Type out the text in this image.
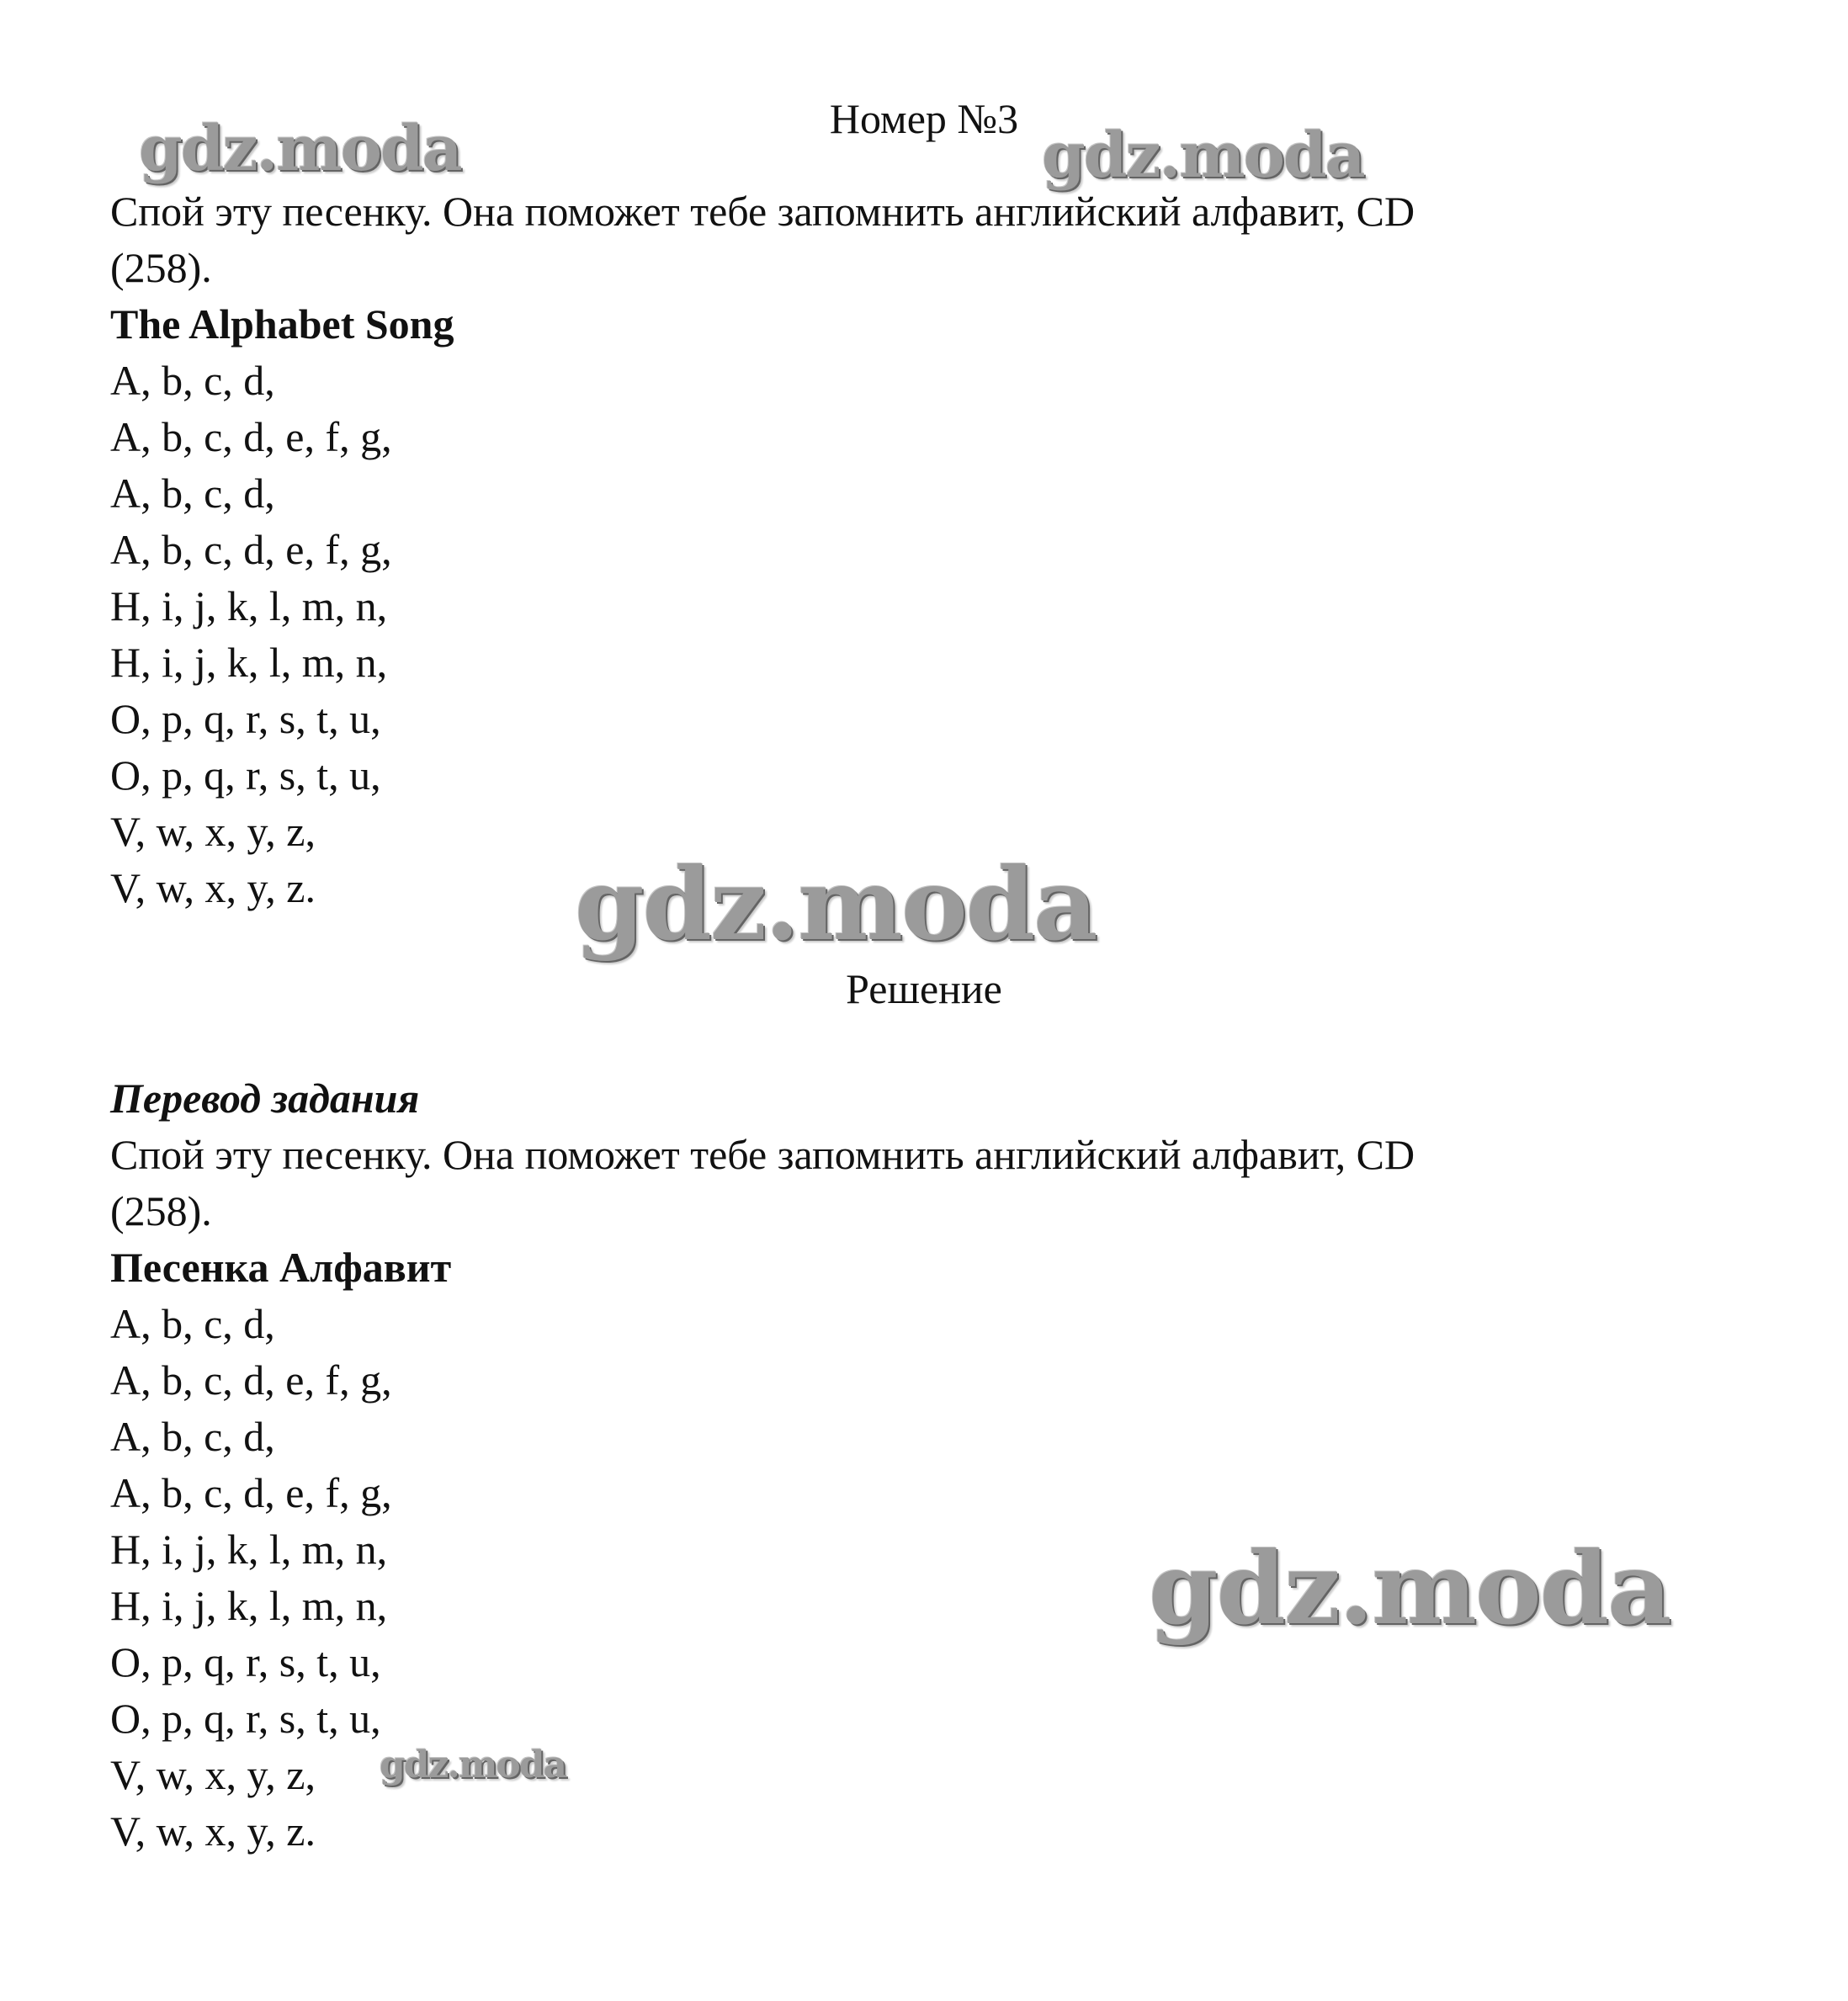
Номер №3
Спой эту песенку. Она поможет тебе запомнить английский алфавит, CD
(258).
The Alphabet Song
A, b, c, d,
A, b, c, d, e, f, g,
A, b, c, d,
A, b, c, d, e, f, g,
H, i, j, k, l, m, n,
H, i, j, k, l, m, n,
O, p, q, r, s, t, u,
O, p, q, r, s, t, u,
V, w, x, y, z,
V, w, x, y, z.
Решение
Перевод задания
Спой эту песенку. Она поможет тебе запомнить английский алфавит, CD
(258).
Песенка Алфавит
A, b, c, d,
A, b, c, d, e, f, g,
A, b, c, d,
A, b, c, d, e, f, g,
H, i, j, k, l, m, n,
H, i, j, k, l, m, n,
O, p, q, r, s, t, u,
O, p, q, r, s, t, u,
V, w, x, y, z,
V, w, x, y, z.
gdz.moda	gdz.moda
gdz.moda
gdz.moda
gdz.moda
